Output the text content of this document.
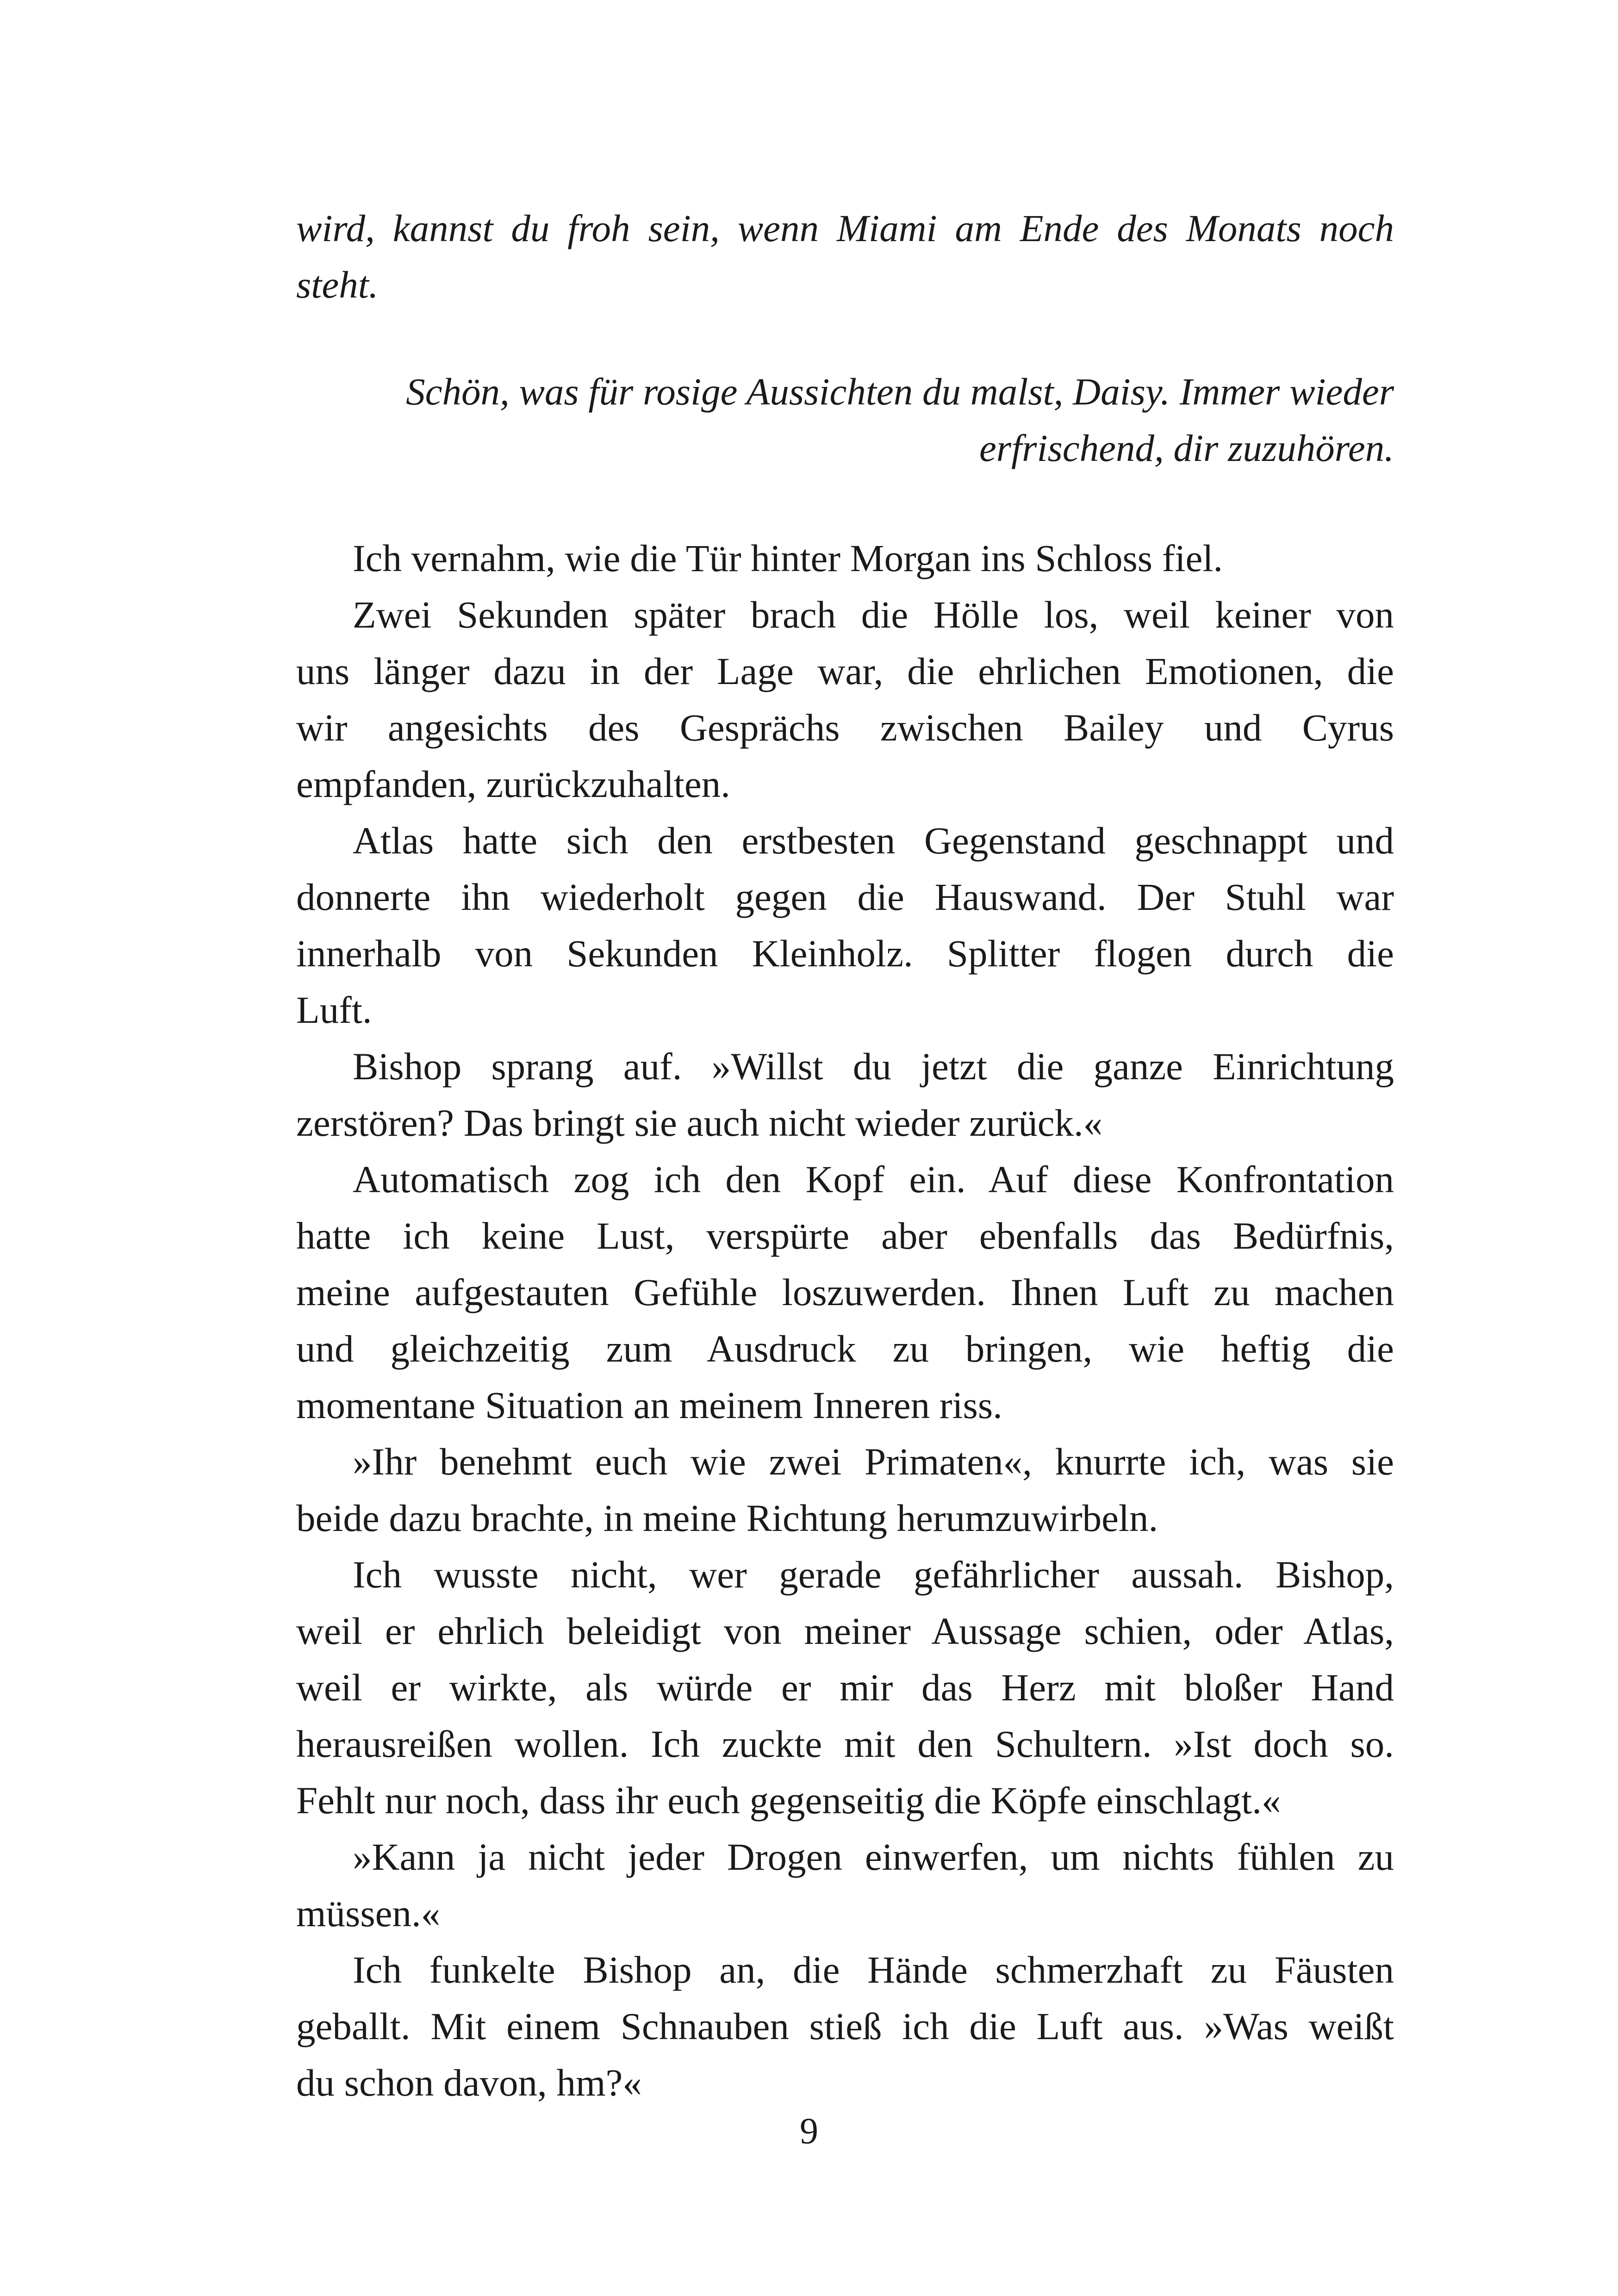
wird, kannst du froh sein, wenn Miami am Ende des Monats noch
steht.
Schön, was für rosige Aussichten du malst, Daisy. Immer wieder
erfrischend, dir zuzuhören.
Ich vernahm, wie die Tür hinter Morgan ins Schloss fiel.
Zwei Sekunden später brach die Hölle los, weil keiner von
uns länger dazu in der Lage war, die ehrlichen Emotionen, die
wir angesichts des Gesprächs zwischen Bailey und Cyrus
empfanden, zurückzuhalten.
Atlas hatte sich den erstbesten Gegenstand geschnappt und
donnerte ihn wiederholt gegen die Hauswand. Der Stuhl war
innerhalb von Sekunden Kleinholz. Splitter flogen durch die
Luft.
Bishop sprang auf. »Willst du jetzt die ganze Einrichtung
zerstören? Das bringt sie auch nicht wieder zurück.«
Automatisch zog ich den Kopf ein. Auf diese Konfrontation
hatte ich keine Lust, verspürte aber ebenfalls das Bedürfnis,
meine aufgestauten Gefühle loszuwerden. Ihnen Luft zu machen
und gleichzeitig zum Ausdruck zu bringen, wie heftig die
momentane Situation an meinem Inneren riss.
»Ihr benehmt euch wie zwei Primaten«, knurrte ich, was sie
beide dazu brachte, in meine Richtung herumzuwirbeln.
Ich wusste nicht, wer gerade gefährlicher aussah. Bishop,
weil er ehrlich beleidigt von meiner Aussage schien, oder Atlas,
weil er wirkte, als würde er mir das Herz mit bloßer Hand
herausreißen wollen. Ich zuckte mit den Schultern. »Ist doch so.
Fehlt nur noch, dass ihr euch gegenseitig die Köpfe einschlagt.«
»Kann ja nicht jeder Drogen einwerfen, um nichts fühlen zu
müssen.«
Ich funkelte Bishop an, die Hände schmerzhaft zu Fäusten
geballt. Mit einem Schnauben stieß ich die Luft aus. »Was weißt
du schon davon, hm?«
9
